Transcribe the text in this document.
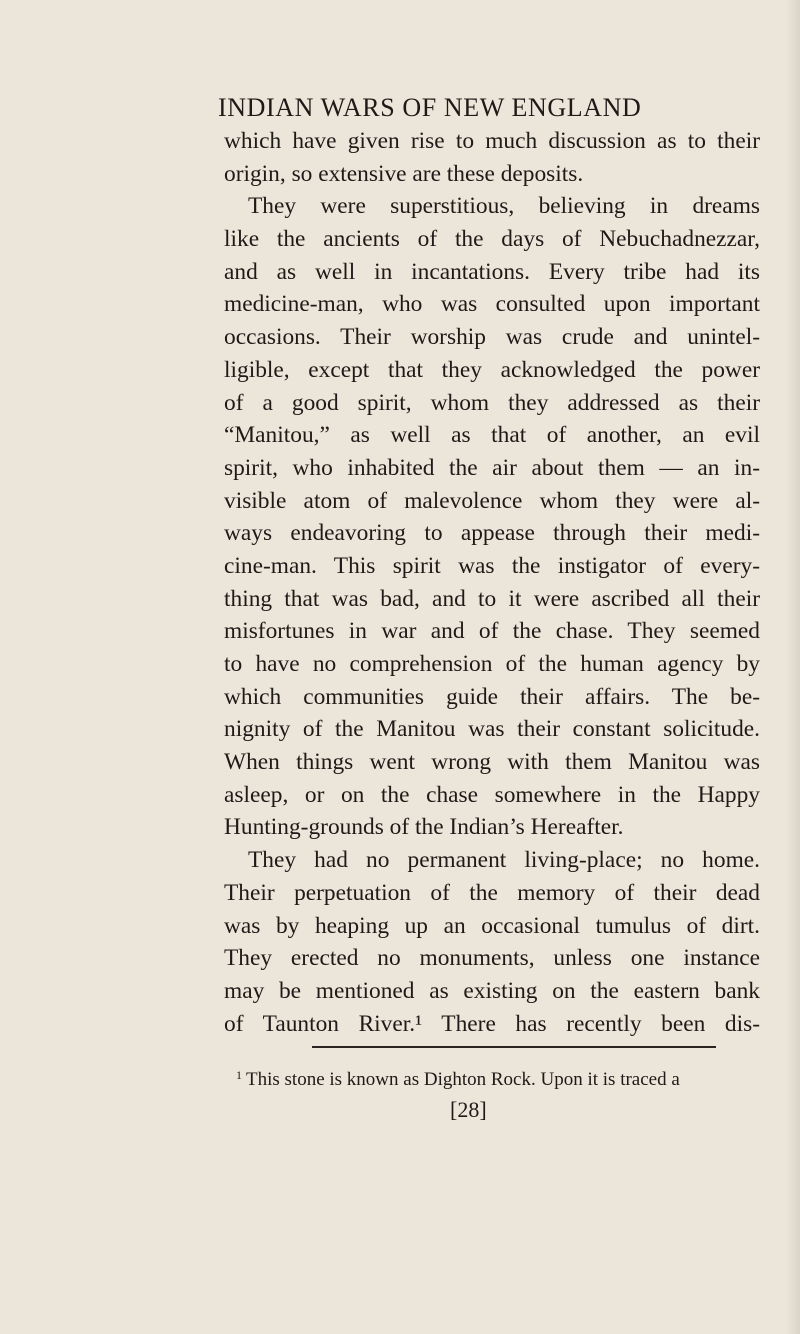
INDIAN WARS OF NEW ENGLAND
which have given rise to much discussion as to their
origin, so extensive are these deposits.
They were superstitious, believing in dreams
like the ancients of the days of Nebuchadnezzar,
and as well in incantations. Every tribe had its
medicine-man, who was consulted upon important
occasions. Their worship was crude and unintel-
ligible, except that they acknowledged the power
of a good spirit, whom they addressed as their
“Manitou,” as well as that of another, an evil
spirit, who inhabited the air about them — an in-
visible atom of malevolence whom they were al-
ways endeavoring to appease through their medi-
cine-man. This spirit was the instigator of every-
thing that was bad, and to it were ascribed all their
misfortunes in war and of the chase. They seemed
to have no comprehension of the human agency by
which communities guide their affairs. The be-
nignity of the Manitou was their constant solicitude.
When things went wrong with them Manitou was
asleep, or on the chase somewhere in the Happy
Hunting-grounds of the Indian’s Hereafter.
They had no permanent living-place; no home.
Their perpetuation of the memory of their dead
was by heaping up an occasional tumulus of dirt.
They erected no monuments, unless one instance
may be mentioned as existing on the eastern bank
of Taunton River.¹ There has recently been dis-
$^1$ This stone is known as Dighton Rock. Upon it is traced a
[28]
